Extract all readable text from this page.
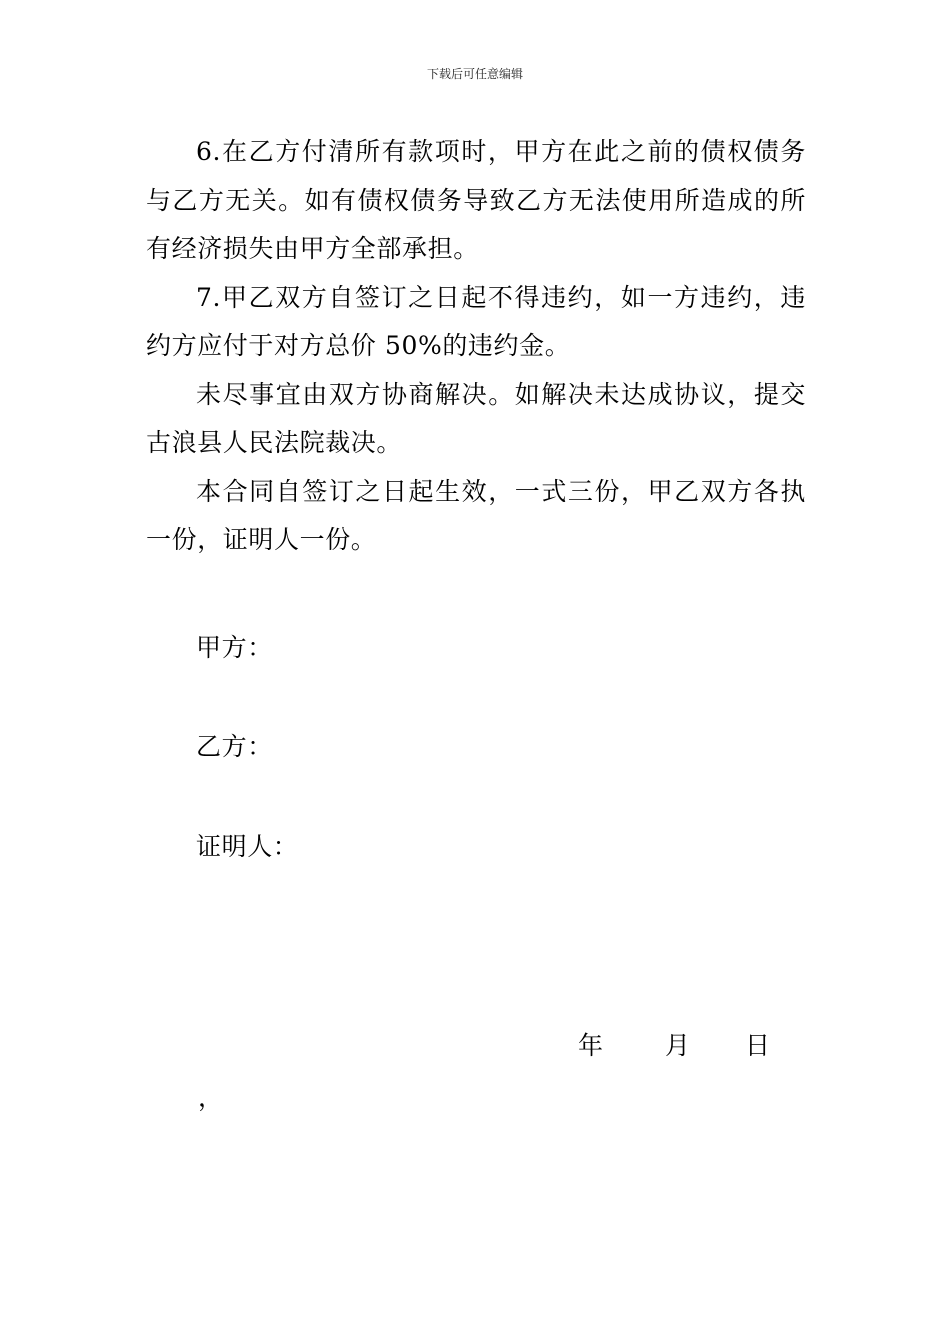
下载后可任意编辑

6.在乙方付清所有款项时，甲方在此之前的债权债务与乙方无关。如有债权债务导致乙方无法使用所造成的所有经济损失由甲方全部承担。

7.甲乙双方自签订之日起不得违约，如一方违约，违约方应付于对方总价 50%的违约金。

未尽事宜由双方协商解决。如解决未达成协议，提交古浪县人民法院裁决。

本合同自签订之日起生效，一式三份，甲乙双方各执一份，证明人一份。

甲方：
乙方：
证明人：
年 月 日
，
